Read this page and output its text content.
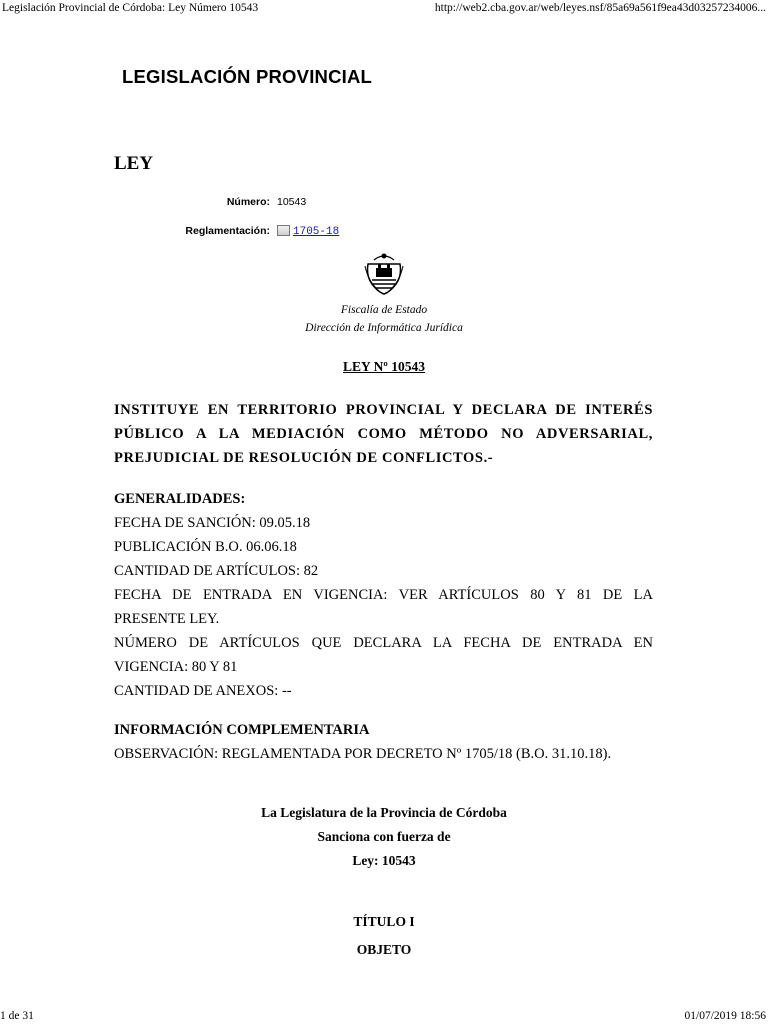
Legislación Provincial de Córdoba: Ley Número 10543	http://web2.cba.gov.ar/web/leyes.nsf/85a69a561f9ea43d03257234006...
LEGISLACIÓN PROVINCIAL
LEY
Número: 10543
Reglamentación:	1705-18
Fiscalía de Estado
Dirección de Informática Jurídica
LEY Nº 10543
INSTITUYE EN TERRITORIO PROVINCIAL Y DECLARA DE INTERÉS PÚBLICO A LA MEDIACIÓN COMO MÉTODO NO ADVERSARIAL, PREJUDICIAL DE RESOLUCIÓN DE CONFLICTOS.-
GENERALIDADES:
FECHA DE SANCIÓN: 09.05.18
PUBLICACIÓN B.O. 06.06.18
CANTIDAD DE ARTÍCULOS: 82
FECHA DE ENTRADA EN VIGENCIA: VER ARTÍCULOS 80 Y 81 DE LA
PRESENTE LEY.
NÚMERO DE ARTÍCULOS QUE DECLARA LA FECHA DE ENTRADA EN
VIGENCIA: 80 Y 81
CANTIDAD DE ANEXOS: --
INFORMACIÓN COMPLEMENTARIA
OBSERVACIÓN: REGLAMENTADA POR DECRETO Nº 1705/18 (B.O. 31.10.18).
La Legislatura de la Provincia de Córdoba
Sanciona con fuerza de
Ley: 10543
TÍTULO I
OBJETO
1 de 31	01/07/2019 18:56
